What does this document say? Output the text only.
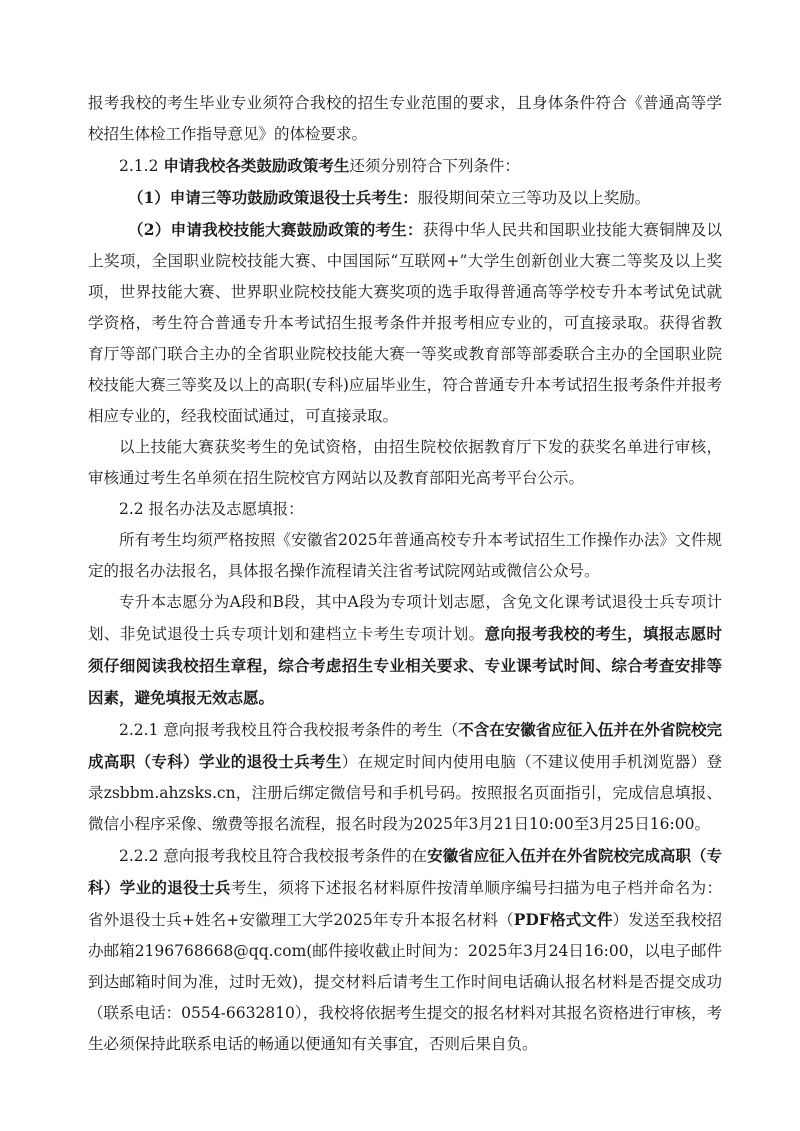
报考我校的考生毕业专业须符合我校的招生专业范围的要求，且身体条件符合《普通高等学校招生体检工作指导意见》的体检要求。

2.1.2 申请我校各类鼓励政策考生还须分别符合下列条件：

（1）申请三等功鼓励政策退役士兵考生：服役期间荣立三等功及以上奖励。

（2）申请我校技能大赛鼓励政策的考生：获得中华人民共和国职业技能大赛铜牌及以上奖项，全国职业院校技能大赛、中国国际“互联网+”大学生创新创业大赛二等奖及以上奖项，世界技能大赛、世界职业院校技能大赛奖项的选手取得普通高等学校专升本考试免试就学资格，考生符合普通专升本考试招生报考条件并报考相应专业的，可直接录取。获得省教育厅等部门联合主办的全省职业院校技能大赛一等奖或教育部等部委联合主办的全国职业院校技能大赛三等奖及以上的高职(专科)应届毕业生，符合普通专升本考试招生报考条件并报考相应专业的，经我校面试通过，可直接录取。

以上技能大赛获奖考生的免试资格，由招生院校依据教育厅下发的获奖名单进行审核，审核通过考生名单须在招生院校官方网站以及教育部阳光高考平台公示。

2.2 报名办法及志愿填报：

所有考生均须严格按照《安徽省2025年普通高校专升本考试招生工作操作办法》文件规定的报名办法报名，具体报名操作流程请关注省考试院网站或微信公众号。

专升本志愿分为A段和B段，其中A段为专项计划志愿，含免文化课考试退役士兵专项计划、非免试退役士兵专项计划和建档立卡考生专项计划。意向报考我校的考生，填报志愿时须仔细阅读我校招生章程，综合考虑招生专业相关要求、专业课考试时间、综合考查安排等因素，避免填报无效志愿。

2.2.1 意向报考我校且符合我校报考条件的考生（不含在安徽省应征入伍并在外省院校完成高职（专科）学业的退役士兵考生）在规定时间内使用电脑（不建议使用手机浏览器）登录zsbbm.ahzsks.cn，注册后绑定微信号和手机号码。按照报名页面指引，完成信息填报、微信小程序采像、缴费等报名流程，报名时段为2025年3月21日10:00至3月25日16:00。

2.2.2 意向报考我校且符合我校报考条件的在安徽省应征入伍并在外省院校完成高职（专科）学业的退役士兵考生，须将下述报名材料原件按清单顺序编号扫描为电子档并命名为：省外退役士兵+姓名+安徽理工大学2025年专升本报名材料（PDF格式文件）发送至我校招办邮箱2196768668@qq.com(邮件接收截止时间为：2025年3月24日16:00，以电子邮件到达邮箱时间为准，过时无效)，提交材料后请考生工作时间电话确认报名材料是否提交成功（联系电话：0554-6632810），我校将依据考生提交的报名材料对其报名资格进行审核，考生必须保持此联系电话的畅通以便通知有关事宜，否则后果自负。
